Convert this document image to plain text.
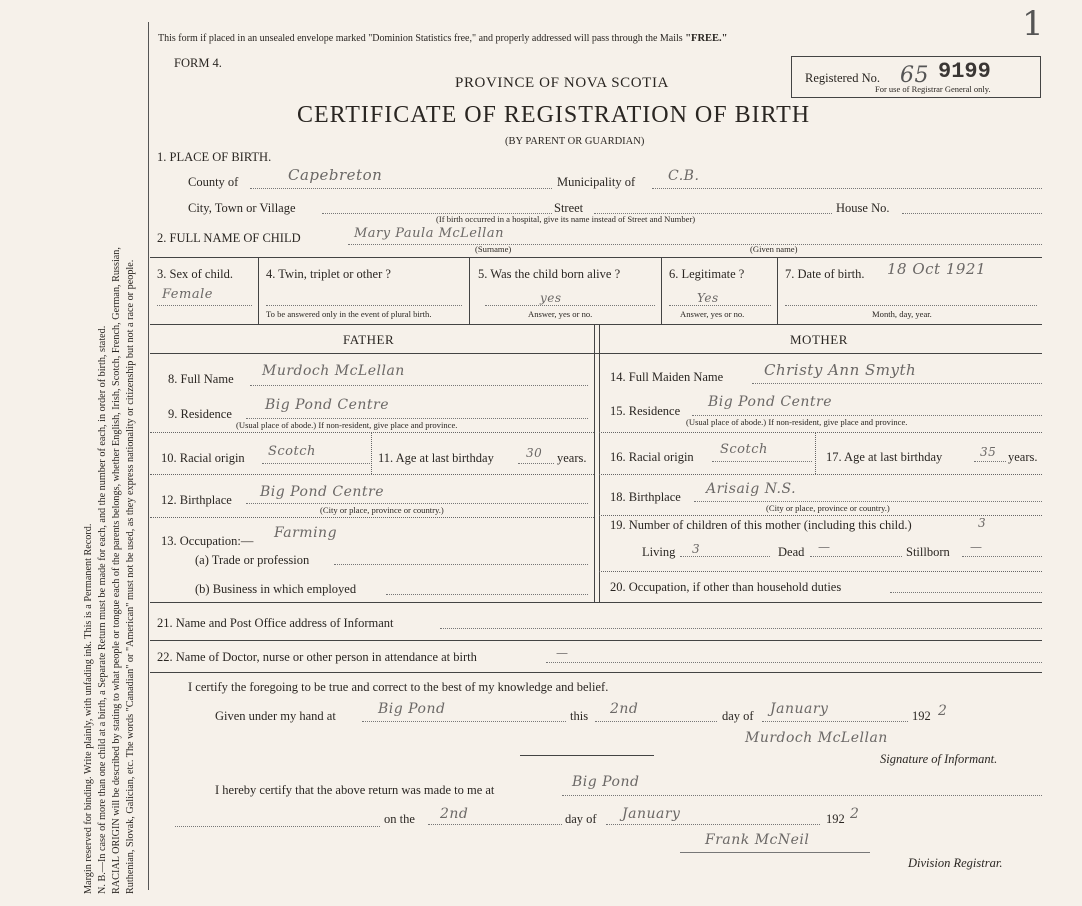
Margin reserved for binding. Write plainly, with unfading ink. This is a Permanent Record. N. B.—In case of more than one child at a birth, a Separate Return must be made for each, and the number of each, in order of birth, stated. RACIAL ORIGIN will be described by stating to what people or tongue each of the parents belongs, whether English, Irish, Scotch, French, German, Russian, Ruthenian, Slovak, Galician, etc. The words "Canadian" or "American" must not be used, as they express nationality or citizenship but not a race or people.
This form if placed in an unsealed envelope marked "Dominion Statistics free," and properly addressed will pass through the Mails "FREE."
FORM 4.
PROVINCE OF NOVA SCOTIA
CERTIFICATE OF REGISTRATION OF BIRTH
(BY PARENT OR GUARDIAN)
Registered No. 65 9199
For use of Registrar General only.
1
1. PLACE OF BIRTH.
County of	Capebreton	Municipality of C.B.
City, Town or Village	Street	House No.
(If birth occurred in a hospital, give its name instead of Street and Number)
2. FULL NAME OF CHILD	Mary Paula McLellan
(Surname)	(Given name)
3. Sex of child.
Female
4. Twin, triplet or other ?
To be answered only in the event of plural birth.
5. Was the child born alive ?
yes
Answer, yes or no.
6. Legitimate ?
Yes
Answer, yes or no.
7. Date of birth. 18 Oct 1921
Month, day, year.
FATHER	MOTHER
8. Full Name Murdoch McLellan
9. Residence
Big Pond Centre
(Usual place of abode.) If non-resident, give place and province.
10. Racial origin Scotch	11. Age at last birthday	30 years.
12. Birthplace Big Pond Centre
(City or place, province or country.)
13. Occupation:— Farming
(a) Trade or profession
(b) Business in which employed
14. Full Maiden Name	Christy Ann Smyth
15. Residence
Big Pond Centre
(Usual place of abode.) If non-resident, give place and province.
16. Racial origin Scotch	17. Age at last birthday	35 years.
18. Birthplace Arisaig N.S.
(City or place, province or country.)
19. Number of children of this mother (including this child.)	3
Living 3	Dead —	Stillborn —
20. Occupation, if other than household duties
21. Name and Post Office address of Informant
22. Name of Doctor, nurse or other person in attendance at birth	—
I certify the foregoing to be true and correct to the best of my knowledge and belief.
Given under my hand at	Big Pond	this 2nd	day of January	192 2
Murdoch McLellan
Signature of Informant.
I hereby certify that the above return was made to me at	Big Pond
on the 2nd	day of January	192 2
Frank McNeil
Division Registrar.
